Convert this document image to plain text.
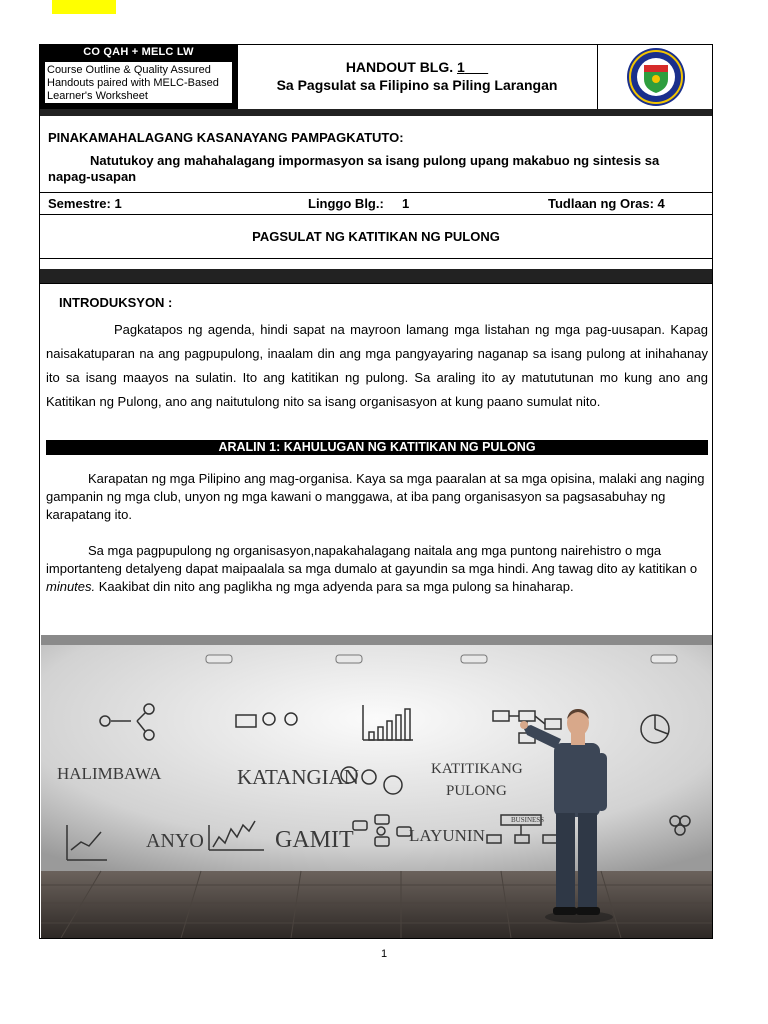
CO QAH + MELC LW
Course Outline & Quality Assured Handouts paired with MELC-Based Learner's Worksheet
HANDOUT BLG. 1
Sa Pagsulat sa Filipino sa Piling Larangan
PINAKAMAHALAGANG KASANAYANG PAMPAGKATUTO:
Natutukoy ang mahahalagang impormasyon sa isang pulong upang makabuo ng sintesis sa napag-usapan
Semestre: 1	Linggo Blg.: 1	Tudlaan ng Oras: 4
PAGSULAT NG KATITIKAN NG PULONG
INTRODUKSYON :

Pagkatapos ng agenda, hindi sapat na mayroon lamang mga listahan ng mga pag-uusapan. Kapag naisakatuparan na ang pagpupulong, inaalam din ang mga pangyayaring naganap sa isang pulong at inihahanay ito sa isang maayos na sulatin. Ito ang katitikan ng pulong. Sa araling ito ay matututunan mo kung ano ang Katitikan ng Pulong, ano ang naitutulong nito sa isang organisasyon at kung paano sumulat nito.

ARALIN 1: KAHULUGAN NG KATITIKAN NG PULONG

Karapatan ng mga Pilipino ang mag-organisa. Kaya sa mga paaralan at sa mga opisina, malaki ang naging gampanin ng mga club, unyon ng mga kawani o manggawa, at iba pang organisasyon sa pagsasabuhay ng karapatang ito.

Sa mga pagpupulong ng organisasyon,napakahalagang naitala ang mga puntong nairehistro o mga importanteng detalyeng dapat maipaalala sa mga dumalo at gayundin sa mga hindi. Ang tawag dito ay katitikan o minutes. Kaakibat din nito ang paglikha ng mga adyenda para sa mga pulong sa hinaharap.

HALIMBAWA	KATANGIAN	KATITIKANG
PULONG
ANYO	GAMIT	LAYUNIN
BUSINESS
1
